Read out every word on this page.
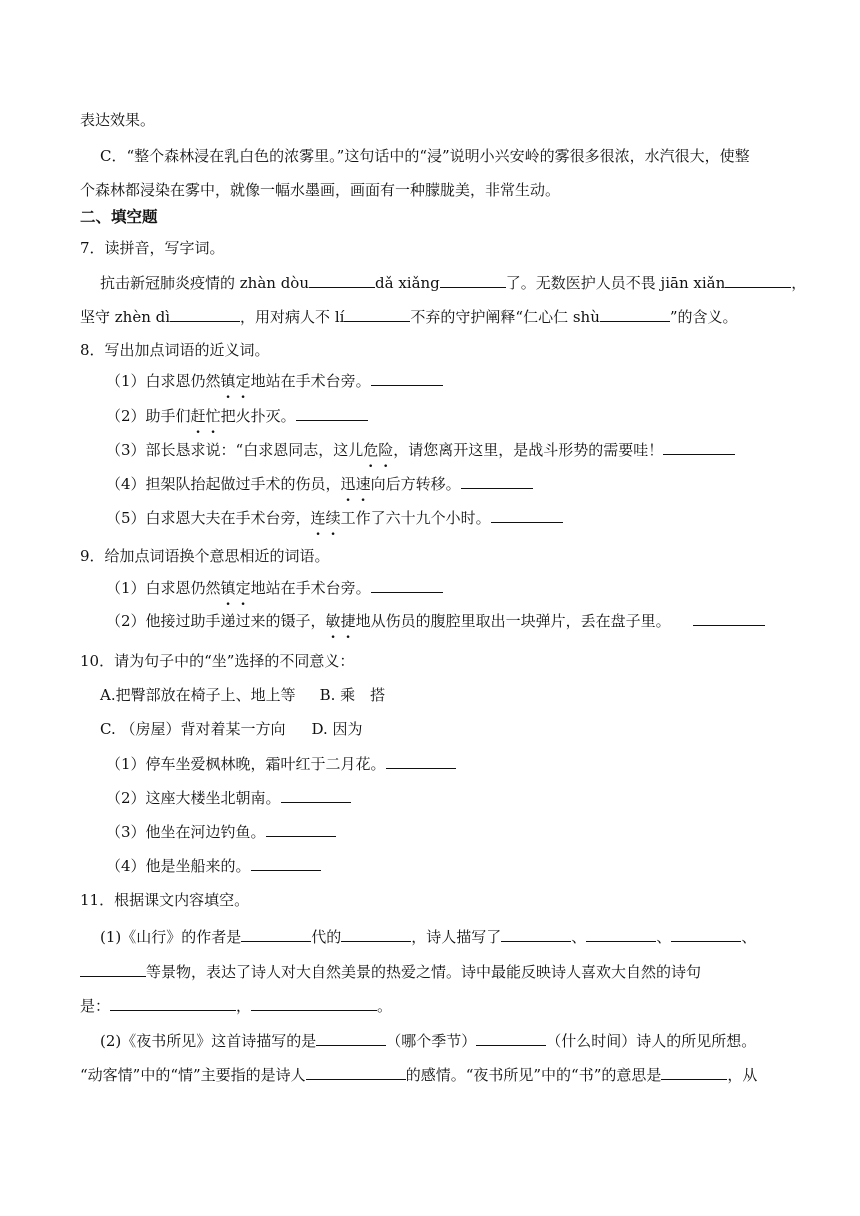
表达效果。
C．“整个森林浸在乳白色的浓雾里。”这句话中的“浸”说明小兴安岭的雾很多很浓，水汽很大，使整
个森林都浸染在雾中，就像一幅水墨画，画面有一种朦胧美，非常生动。
二、填空题
7．读拼音，写字词。
抗击新冠肺炎疫情的 zhàn dòu	dǎ xiǎng	了。无数医护人员不畏 jiān xiǎn	，
坚守 zhèn dì	，用对病人不 lí	不弃的守护阐释“仁心仁 shù	”的含义。
8．写出加点词语的近义词。
（1）白求恩仍然镇定地站在手术台旁。
（2）助手们赶忙把火扑灭。
（3）部长恳求说：“白求恩同志，这儿危险，请您离开这里，是战斗形势的需要哇！
（4）担架队抬起做过手术的伤员，迅速向后方转移。
（5）白求恩大夫在手术台旁，连续工作了六十九个小时。
9．给加点词语换个意思相近的词语。
（1）白求恩仍然镇定地站在手术台旁。
（2）他接过助手递过来的镊子，敏捷地从伤员的腹腔里取出一块弹片，丢在盘子里。
10．请为句子中的“坐”选择的不同意义：
A.把臀部放在椅子上、地上等 B. 乘　搭
C. （房屋）背对着某一方向 D. 因为
（1）停车坐爱枫林晚，霜叶红于二月花。
（2）这座大楼坐北朝南。
（3）他坐在河边钓鱼。
（4）他是坐船来的。
11．根据课文内容填空。
(1)《山行》的作者是	代的	，诗人描写了	、	、	、
等景物，表达了诗人对大自然美景的热爱之情。诗中最能反映诗人喜欢大自然的诗句
是：	，	。
(2)《夜书所见》这首诗描写的是	（哪个季节）	（什么时间）诗人的所见所想。
“动客情”中的“情”主要指的是诗人	的感情。“夜书所见”中的“书”的意思是	，从
